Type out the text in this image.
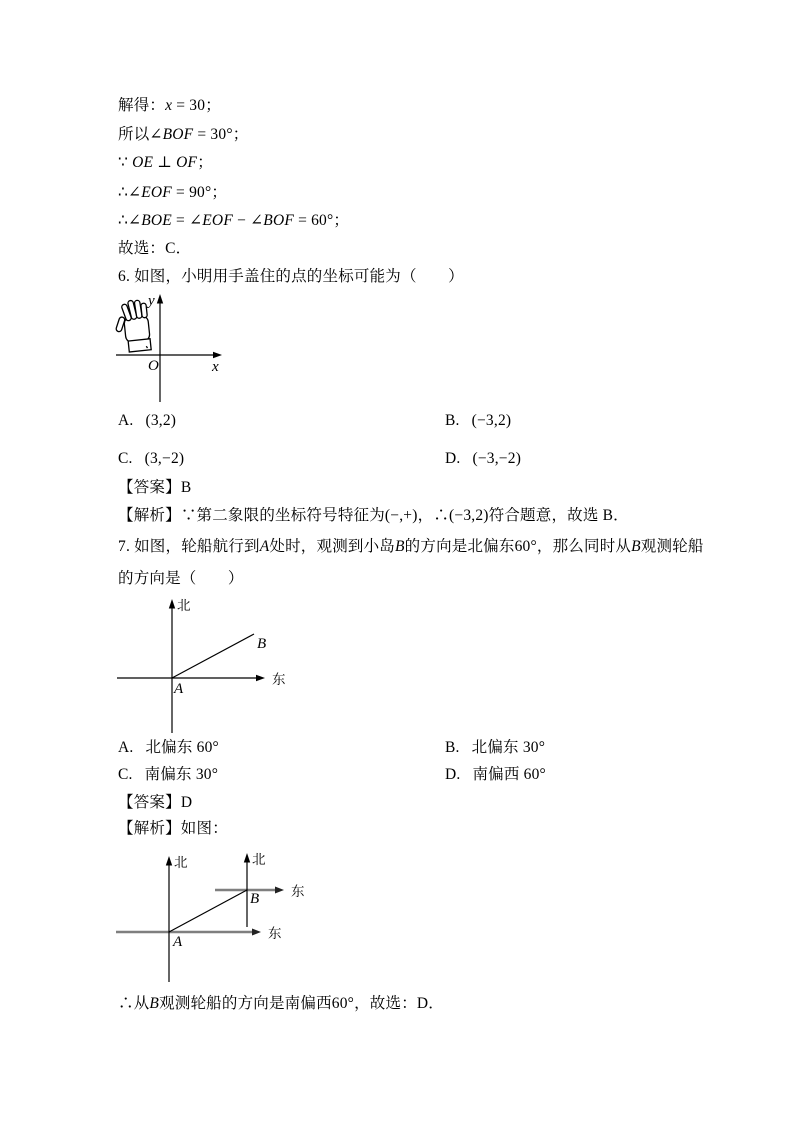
解得：x = 30；
所以∠BOF = 30°；
∵ OE ⊥ OF；
∴∠EOF = 90°；
∴∠BOE = ∠EOF − ∠BOF = 60°；
故选：C．
6. 如图，小明用手盖住的点的坐标可能为（　　）
y
x
O
A. (3,2)	B. (−3,2)
C. (3,−2)	D. (−3,−2)
【答案】B
【解析】∵第二象限的坐标符号特征为(−,+)，∴(−3,2)符合题意，故选 B．
7. 如图，轮船航行到A处时，观测到小岛B的方向是北偏东60°，那么同时从B观测轮船
的方向是（　　）
北
东
A
B
A. 北偏东 60°	B. 北偏东 30°
C. 南偏东 30°	D. 南偏西 60°
【答案】D
【解析】如图：
东
北
东
北
A
B
∴从B观测轮船的方向是南偏西60°，故选：D．
